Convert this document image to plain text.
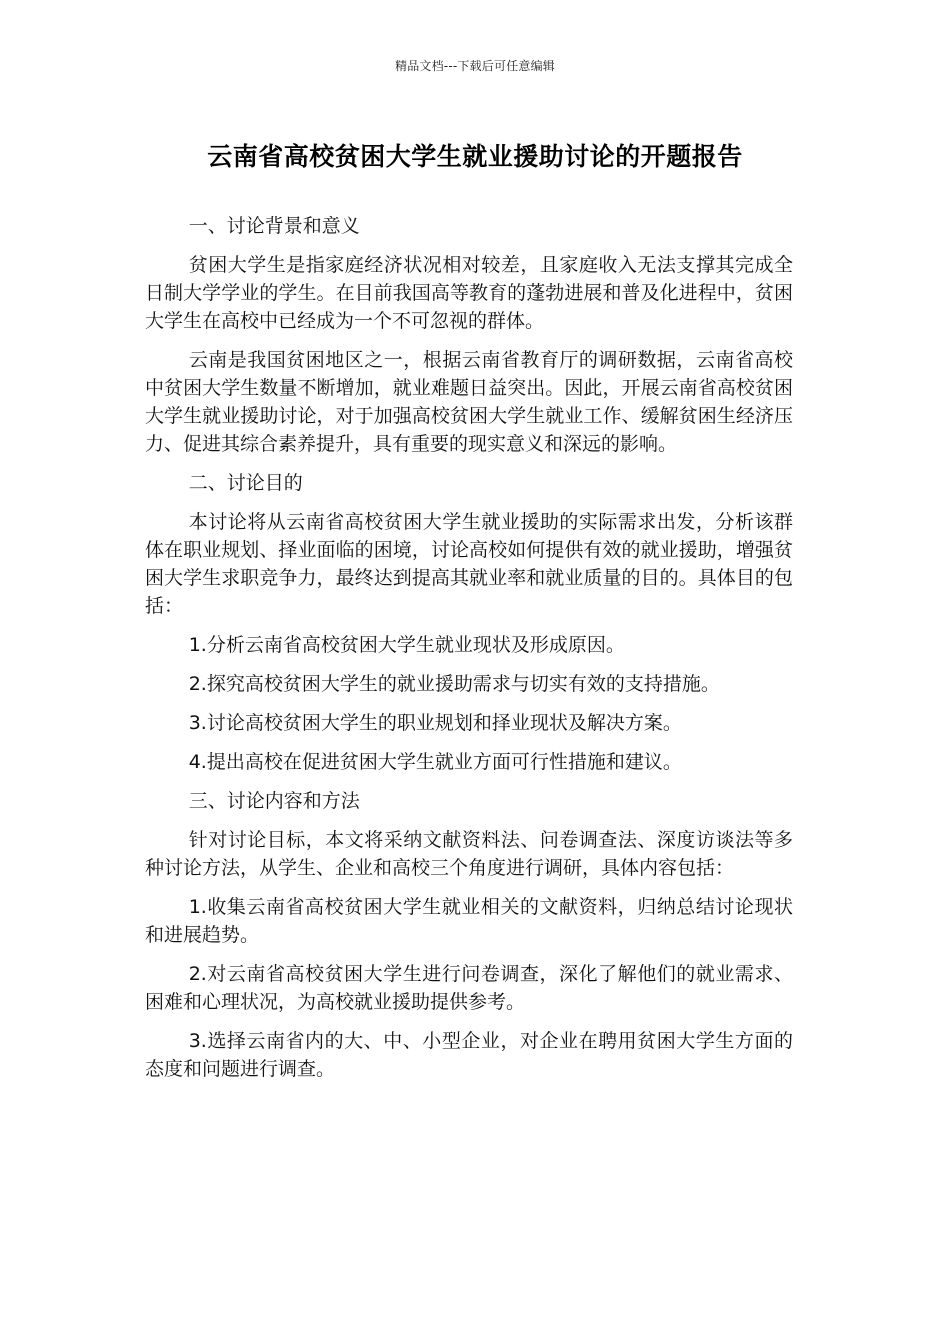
精品文档---下载后可任意编辑
云南省高校贫困大学生就业援助讨论的开题报告

一、讨论背景和意义

贫困大学生是指家庭经济状况相对较差，且家庭收入无法支撑其完成全日制大学学业的学生。在目前我国高等教育的蓬勃进展和普及化进程中，贫困大学生在高校中已经成为一个不可忽视的群体。

云南是我国贫困地区之一，根据云南省教育厅的调研数据，云南省高校中贫困大学生数量不断增加，就业难题日益突出。因此，开展云南省高校贫困大学生就业援助讨论，对于加强高校贫困大学生就业工作、缓解贫困生经济压力、促进其综合素养提升，具有重要的现实意义和深远的影响。

二、讨论目的

本讨论将从云南省高校贫困大学生就业援助的实际需求出发，分析该群体在职业规划、择业面临的困境，讨论高校如何提供有效的就业援助，增强贫困大学生求职竞争力，最终达到提高其就业率和就业质量的目的。具体目的包括：

1.分析云南省高校贫困大学生就业现状及形成原因。

2.探究高校贫困大学生的就业援助需求与切实有效的支持措施。

3.讨论高校贫困大学生的职业规划和择业现状及解决方案。

4.提出高校在促进贫困大学生就业方面可行性措施和建议。

三、讨论内容和方法

针对讨论目标，本文将采纳文献资料法、问卷调查法、深度访谈法等多种讨论方法，从学生、企业和高校三个角度进行调研，具体内容包括：

1.收集云南省高校贫困大学生就业相关的文献资料，归纳总结讨论现状和进展趋势。

2.对云南省高校贫困大学生进行问卷调查，深化了解他们的就业需求、困难和心理状况，为高校就业援助提供参考。

3.选择云南省内的大、中、小型企业，对企业在聘用贫困大学生方面的态度和问题进行调查。
